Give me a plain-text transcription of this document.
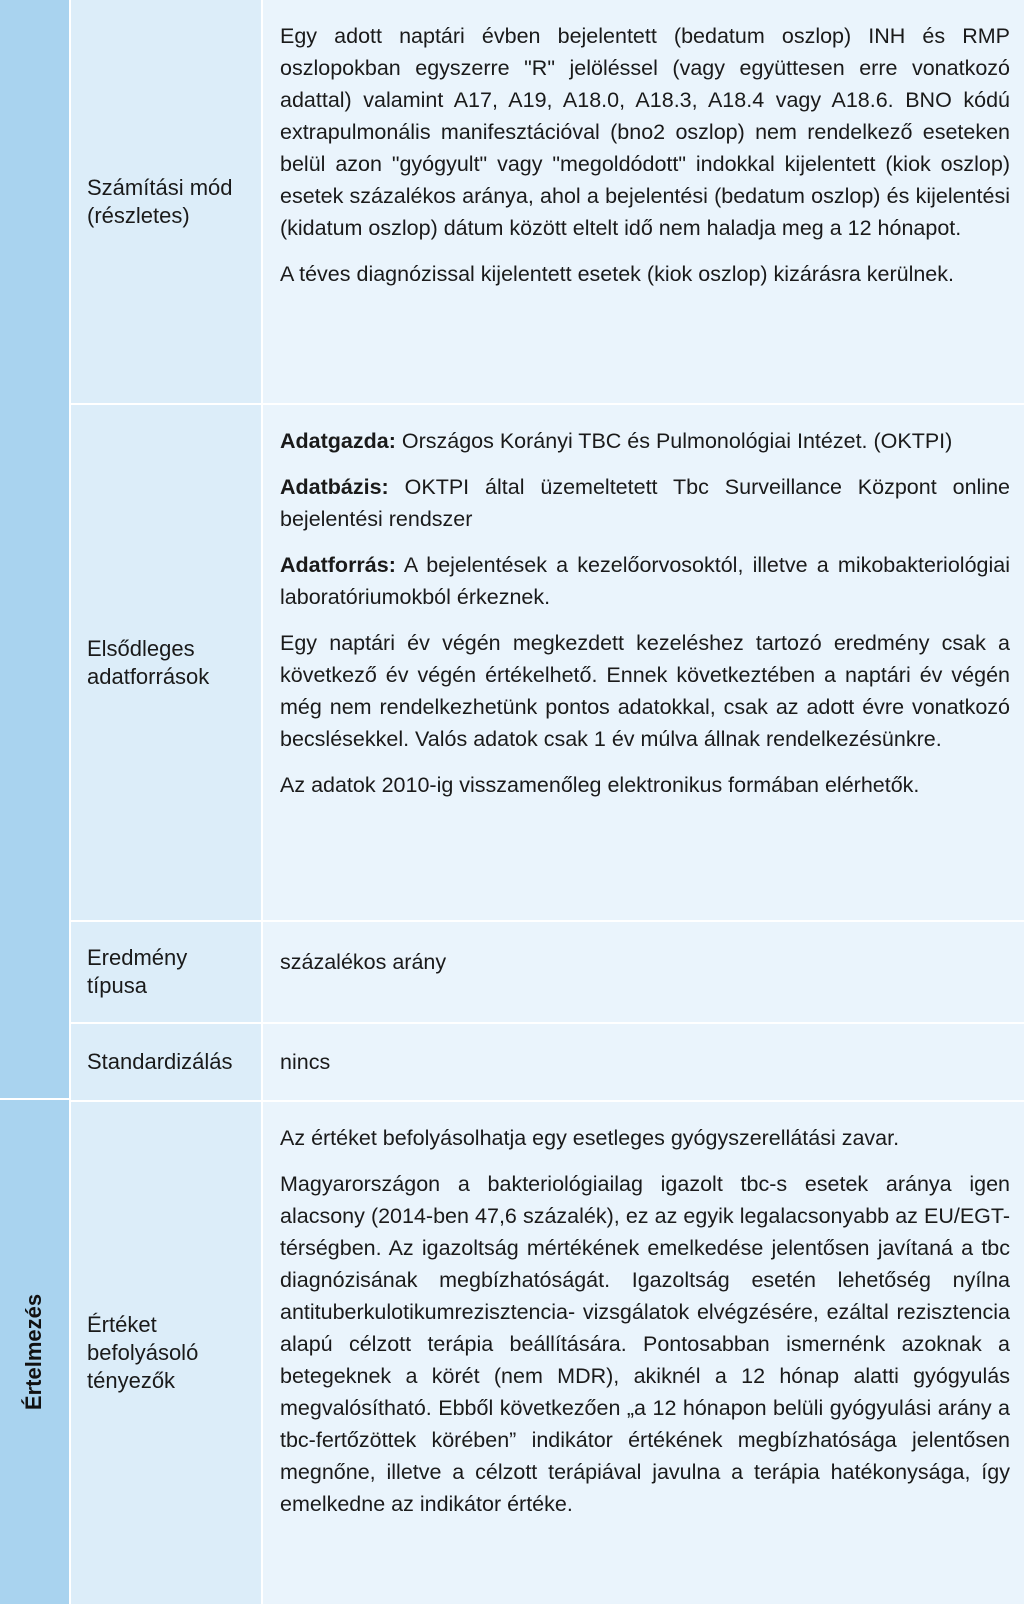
Értelmezés
Számítási mód (részletes)

Egy adott naptári évben bejelentett (bedatum oszlop) INH és RMP oszlopokban egyszerre "R" jelöléssel (vagy együttesen erre vonatkozó adattal) valamint A17, A19, A18.0, A18.3, A18.4 vagy A18.6. BNO kódú extrapulmonális manifesztációval (bno2 oszlop) nem rendelkező eseteken belül azon "gyógyult" vagy "megoldódott" indokkal kijelentett (kiok oszlop) esetek százalékos aránya, ahol a bejelentési (bedatum oszlop) és kijelentési (kidatum oszlop) dátum között eltelt idő nem haladja meg a 12 hónapot.

A téves diagnózissal kijelentett esetek (kiok oszlop) kizárásra kerülnek.

Elsődleges adatforrások

Adatgazda: Országos Korányi TBC és Pulmonológiai Intézet. (OKTPI)

Adatbázis: OKTPI által üzemeltetett Tbc Surveillance Központ online bejelentési rendszer

Adatforrás: A bejelentések a kezelőorvosoktól, illetve a mikobakteriológiai laboratóriumokból érkeznek.

Egy naptári év végén megkezdett kezeléshez tartozó eredmény csak a következő év végén értékelhető. Ennek következtében a naptári év végén még nem rendelkezhetünk pontos adatokkal, csak az adott évre vonatkozó becslésekkel. Valós adatok csak 1 év múlva állnak rendelkezésünkre.

Az adatok 2010-ig visszamenőleg elektronikus formában elérhetők.

Eredmény típusa
százalékos arány
Standardizálás	nincs
Értéket befolyásoló tényezők

Az értéket befolyásolhatja egy esetleges gyógyszerellátási zavar.

Magyarországon a bakteriológiailag igazolt tbc-s esetek aránya igen alacsony (2014-ben 47,6 százalék), ez az egyik legalacsonyabb az EU/EGT- térségben. Az igazoltság mértékének emelkedése jelentősen javítaná a tbc diagnózisának megbízhatóságát. Igazoltság esetén lehetőség nyílna antituberkulotikumrezisztencia- vizsgálatok elvégzésére, ezáltal rezisztencia alapú célzott terápia beállítására. Pontosabban ismernénk azoknak a betegeknek a körét (nem MDR), akiknél a 12 hónap alatti gyógyulás megvalósítható. Ebből következően „a 12 hónapon belüli gyógyulási arány a tbc-fertőzöttek körében” indikátor értékének megbízhatósága jelentősen megnőne, illetve a célzott terápiával javulna a terápia hatékonysága, így emelkedne az indikátor értéke.
